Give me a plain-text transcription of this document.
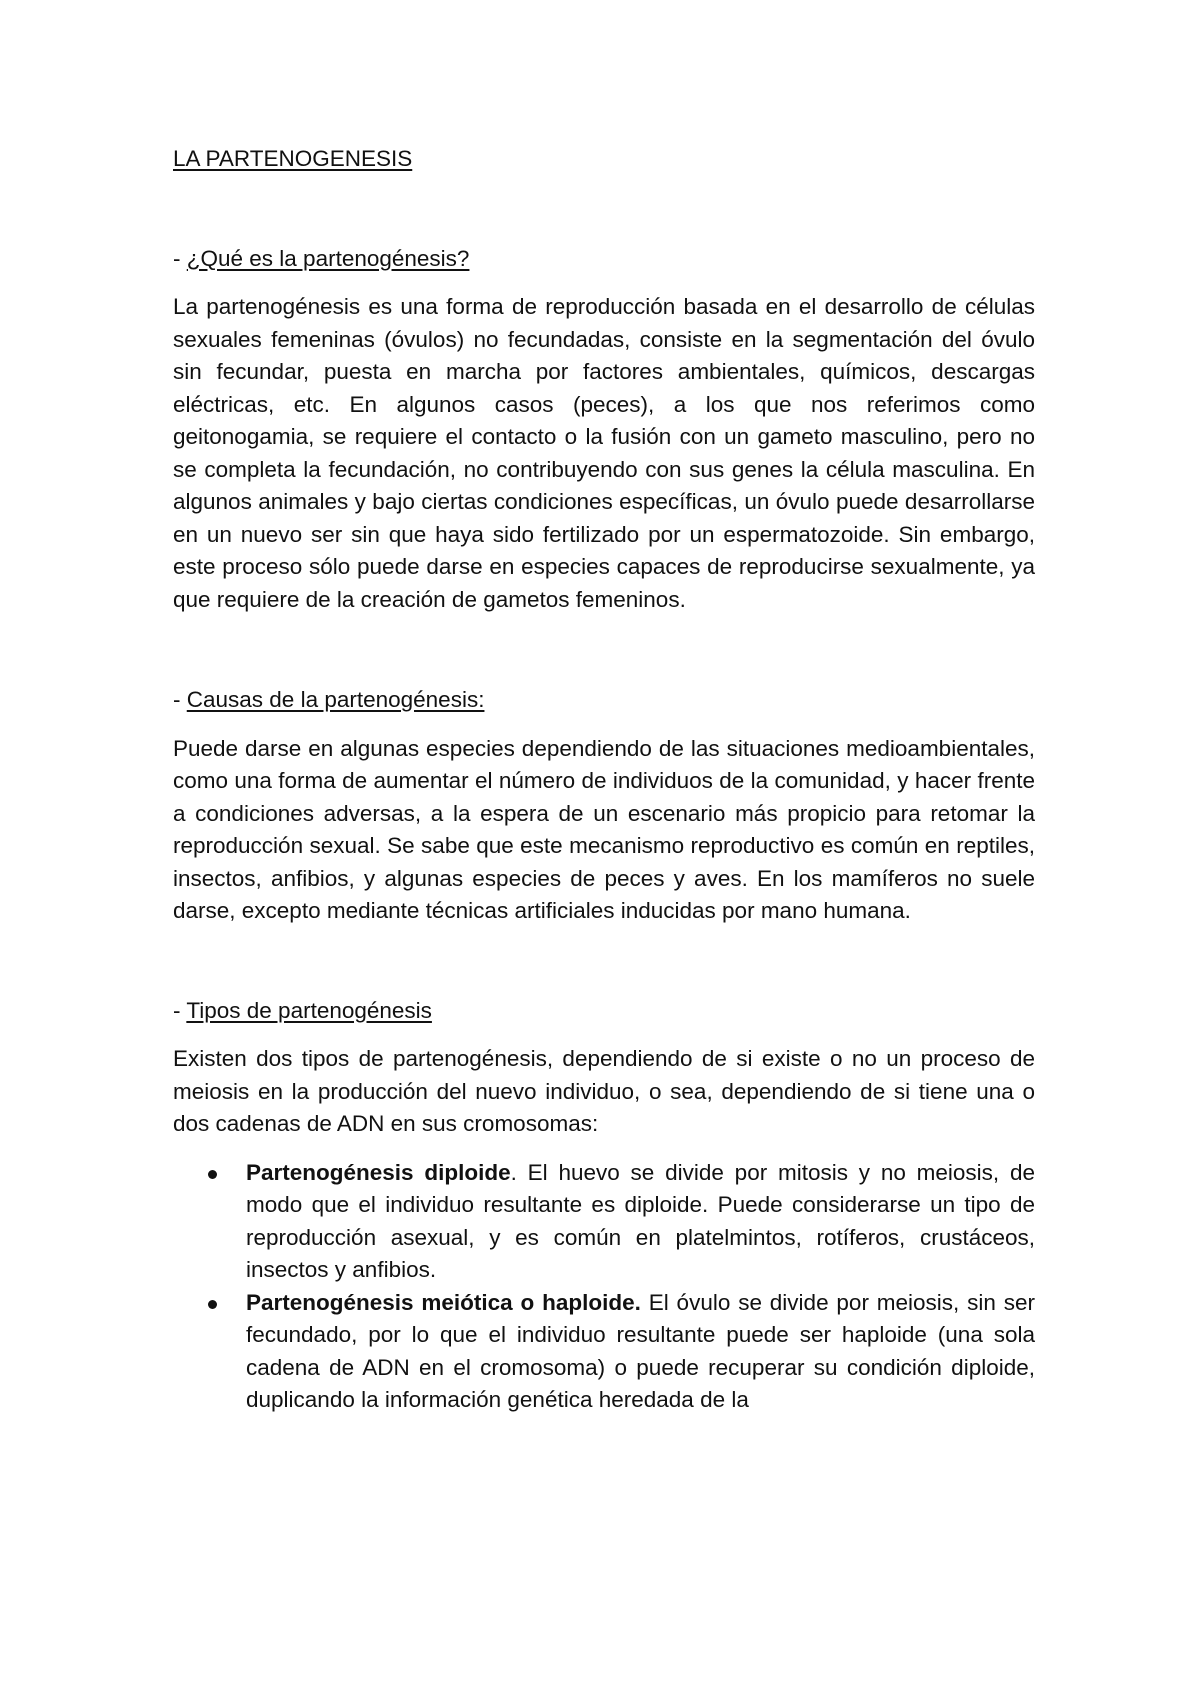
LA PARTENOGENESIS
- ¿Qué es la partenogénesis?

La partenogénesis es una forma de reproducción basada en el desarrollo de células sexuales femeninas (óvulos) no fecundadas, consiste en la segmentación del óvulo sin fecundar, puesta en marcha por factores ambientales, químicos, descargas eléctricas, etc. En algunos casos (peces), a los que nos referimos como geitonogamia, se requiere el contacto o la fusión con un gameto masculino, pero no se completa la fecundación, no contribuyendo con sus genes la célula masculina. En algunos animales y bajo ciertas condiciones específicas, un óvulo puede desarrollarse en un nuevo ser sin que haya sido fertilizado por un espermatozoide. Sin embargo, este proceso sólo puede darse en especies capaces de reproducirse sexualmente, ya que requiere de la creación de gametos femeninos.

- Causas de la partenogénesis:

Puede darse en algunas especies dependiendo de las situaciones medioambientales, como una forma de aumentar el número de individuos de la comunidad, y hacer frente a condiciones adversas, a la espera de un escenario más propicio para retomar la reproducción sexual. Se sabe que este mecanismo reproductivo es común en reptiles, insectos, anfibios, y algunas especies de peces y aves. En los mamíferos no suele darse, excepto mediante técnicas artificiales inducidas por mano humana.

- Tipos de partenogénesis

Existen dos tipos de partenogénesis, dependiendo de si existe o no un proceso de meiosis en la producción del nuevo individuo, o sea, dependiendo de si tiene una o dos cadenas de ADN en sus cromosomas:

Partenogénesis diploide. El huevo se divide por mitosis y no meiosis, de modo que el individuo resultante es diploide. Puede considerarse un tipo de reproducción asexual, y es común en platelmintos, rotíferos, crustáceos, insectos y anfibios.
Partenogénesis meiótica o haploide. El óvulo se divide por meiosis, sin ser fecundado, por lo que el individuo resultante puede ser haploide (una sola cadena de ADN en el cromosoma) o puede recuperar su condición diploide, duplicando la información genética heredada de la
